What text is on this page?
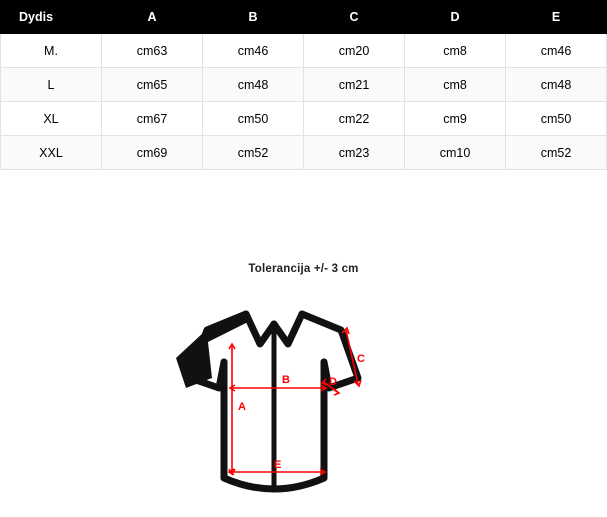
Dydis	A	B	C	D	E
M.	cm63	cm46	cm20	cm8	cm46
L	cm65	cm48	cm21	cm8	cm48
XL	cm67	cm50	cm22	cm9	cm50
XXL	cm69	cm52	cm23	cm10	cm52
Tolerancija +/- 3 cm
A
B
C
D
E
